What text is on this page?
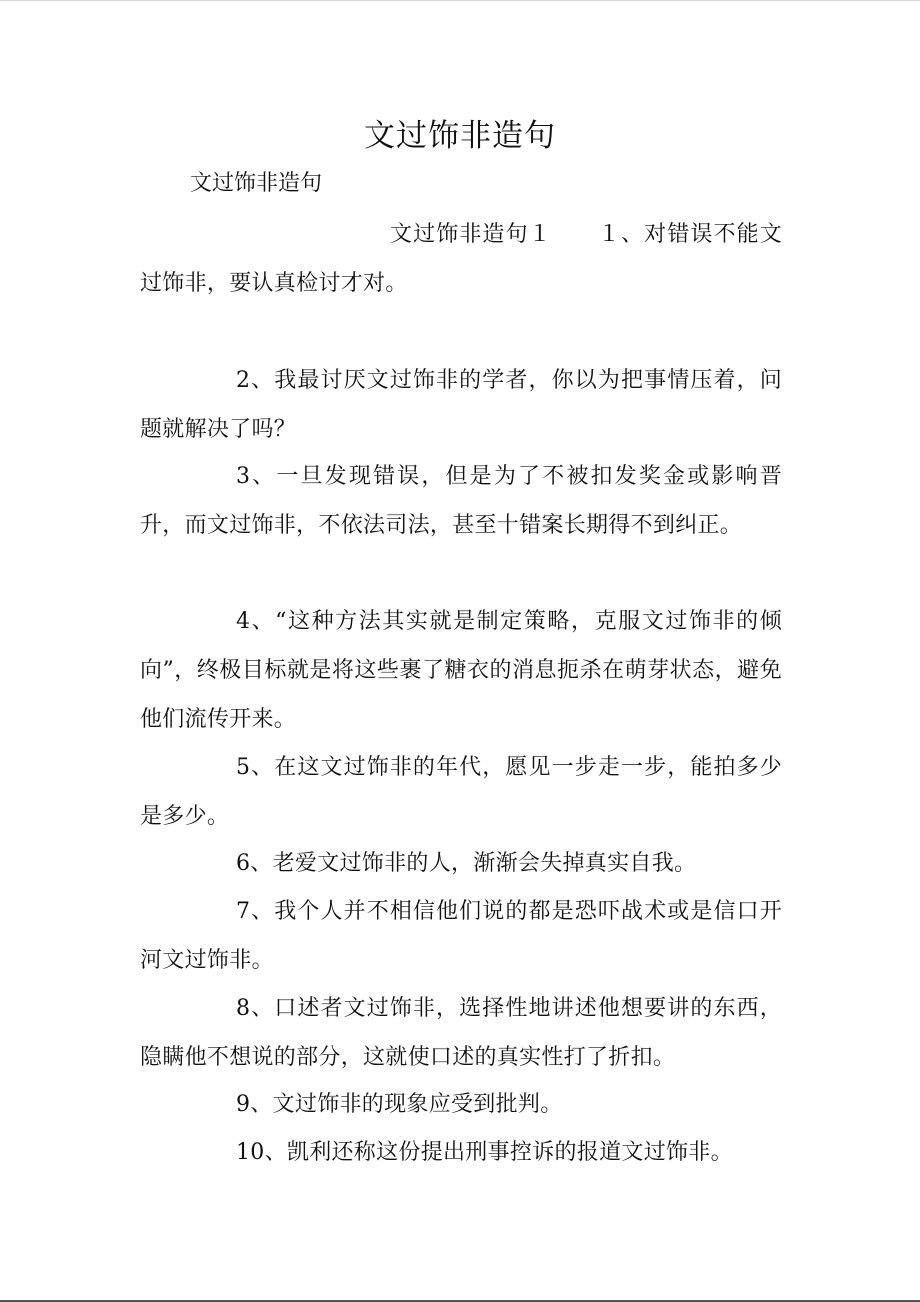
文过饰非造句
文过饰非造句
文过饰非造句１　　１、对错误不能文过饰非，要认真检讨才对。
2、我最讨厌文过饰非的学者，你以为把事情压着，问题就解决了吗？
3、一旦发现错误，但是为了不被扣发奖金或影响晋升，而文过饰非，不依法司法，甚至十错案长期得不到纠正。
4、“这种方法其实就是制定策略，克服文过饰非的倾向”，终极目标就是将这些裹了糖衣的消息扼杀在萌芽状态，避免他们流传开来。
5、在这文过饰非的年代，愿见一步走一步，能拍多少是多少。
6、老爱文过饰非的人，渐渐会失掉真实自我。
7、我个人并不相信他们说的都是恐吓战术或是信口开河文过饰非。
8、口述者文过饰非，选择性地讲述他想要讲的东西，隐瞒他不想说的部分，这就使口述的真实性打了折扣。
9、文过饰非的现象应受到批判。
10、凯利还称这份提出刑事控诉的报道文过饰非。
